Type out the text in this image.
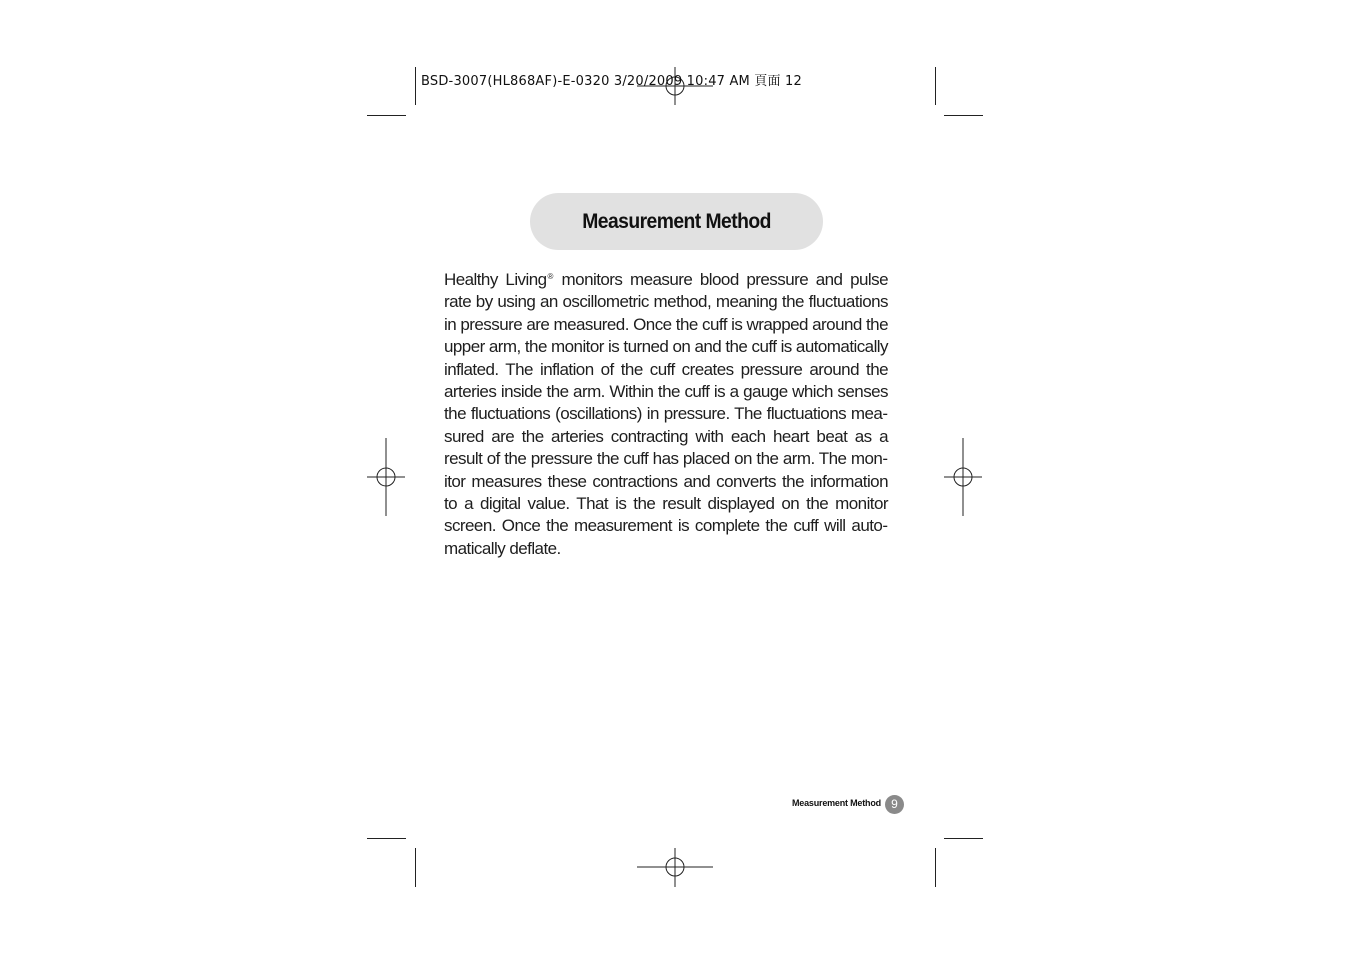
BSD-3007(HL868AF)-E-0320 3/20/2009 10:47 AM 頁面 12
Measurement Method

Healthy Living® monitors measure blood pressure and pulse rate by using an oscillometric method, meaning the fluctuations in pressure are measured. Once the cuff is wrapped around the upper arm, the monitor is turned on and the cuff is automatically inflated. The inflation of the cuff creates pressure around the arteries inside the arm. Within the cuff is a gauge which senses the fluctuations (oscillations) in pressure. The fluctuations measured are the arteries contracting with each heart beat as a result of the pressure the cuff has placed on the arm. The monitor measures these contractions and converts the information to a digital value. That is the result displayed on the monitor screen. Once the measurement is complete the cuff will automatically deflate.

Measurement Method 9
